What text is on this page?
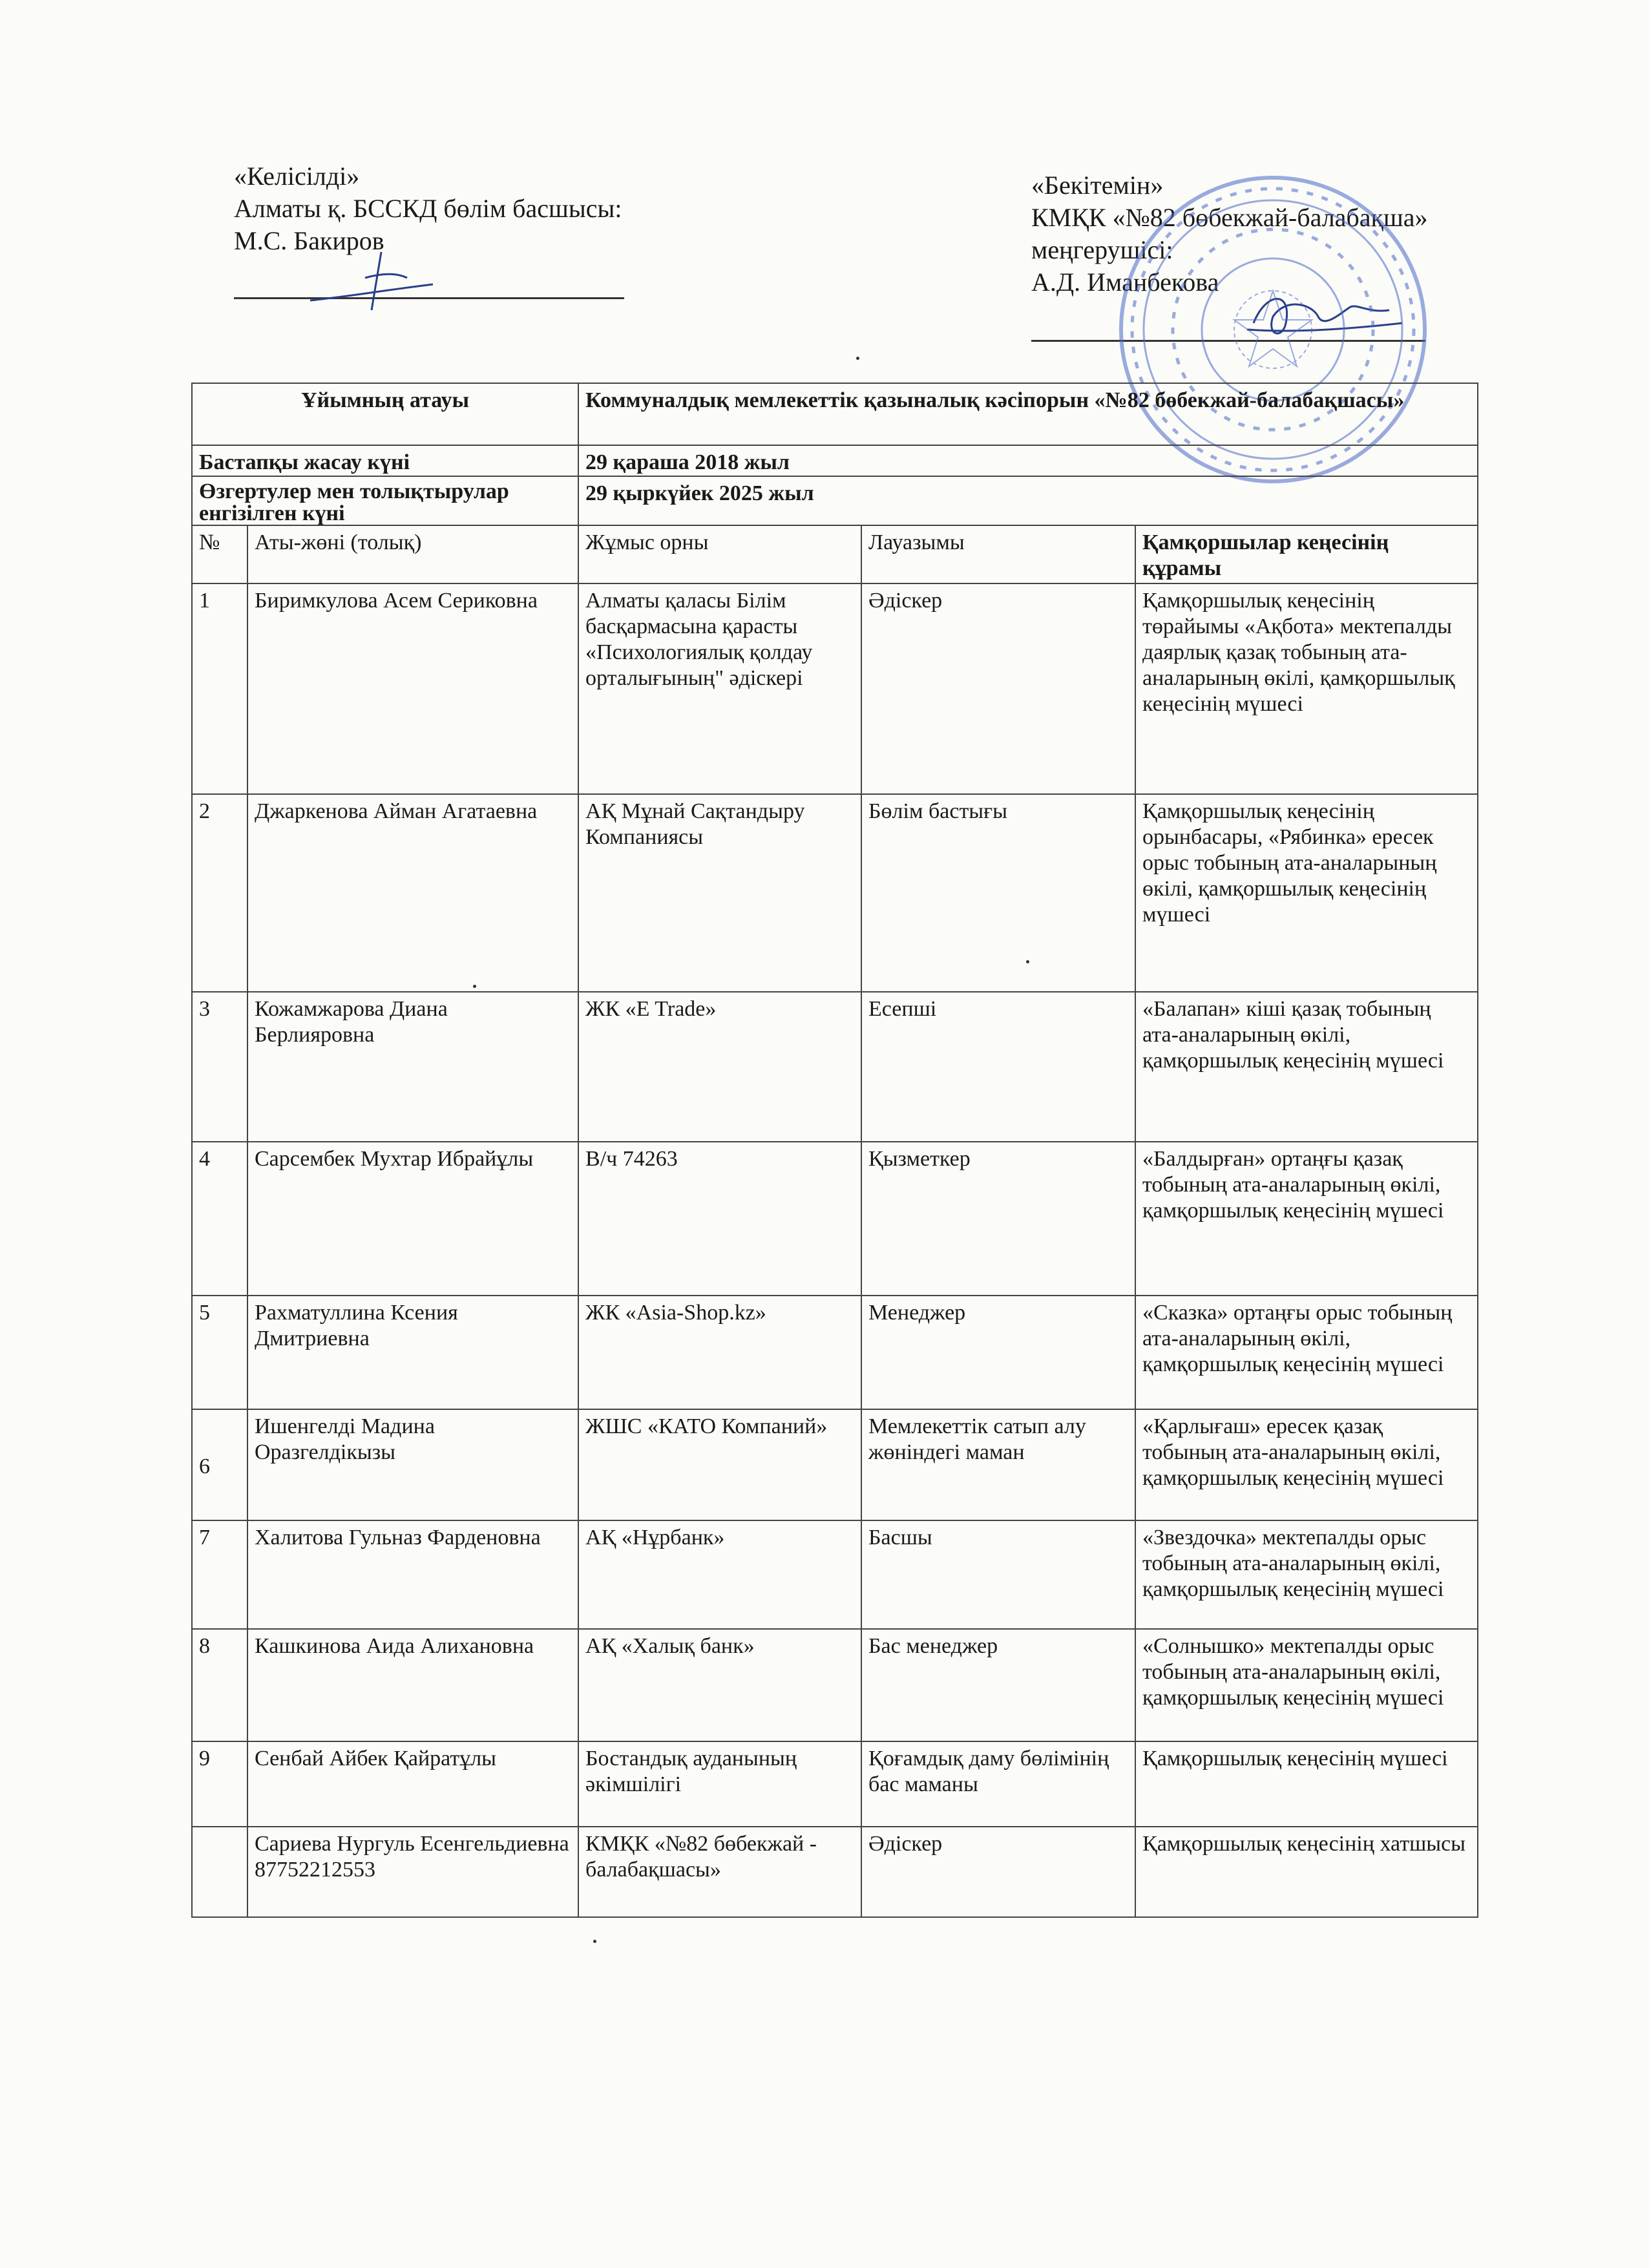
«Келісілді»
Алматы қ. БССКД бөлім басшысы:
М.С. Бакиров
«Бекітемін»
КМҚК «№82 бөбекжай-балабақша»
меңгерушісі:
А.Д. Иманбекова
Ұйымның атауы		Коммуналдық мемлекеттік қазыналық кәсіпорын «№82 бөбекжай-балабақшасы»		
Бастапқы жасау күні		29 қараша 2018 жыл		
Өзгертулер мен толықтырулар енгізілген күні		29 қыркүйек 2025 жыл		
№	Аты-жөні (толық)	Жұмыс орны	Лауазымы	Қамқоршылар кеңесінің құрамы
1	Биримкулова Асем Сериковна	Алматы қаласы Білім басқармасына қарасты «Психологиялық қолдау орталығының" әдіскері	Әдіскер	Қамқоршылық кеңесінің төрайымы «Ақбота» мектепалды даярлық қазақ тобының ата-аналарының өкілі, қамқоршылық кеңесінің мүшесі
2	Джаркенова Айман Агатаевна	АҚ Мұнай Сақтандыру Компаниясы	Бөлім бастығы	Қамқоршылық кеңесінің орынбасары, «Рябинка» ересек орыс тобының ата-аналарының өкілі, қамқоршылық кеңесінің мүшесі
3	Кожамжарова Диана Берлияровна	ЖК «E Trade»	Есепші	«Балапан» кіші қазақ тобының ата-аналарының өкілі, қамқоршылық кеңесінің мүшесі
4	Сарсембек Мухтар Ибрайұлы	В/ч 74263	Қызметкер	«Балдырған» ортаңғы қазақ тобының ата-аналарының өкілі, қамқоршылық кеңесінің мүшесі
5	Рахматуллина Ксения Дмитриевна	ЖК «Asia-Shop.kz»	Менеджер	«Сказка» ортаңғы орыс тобының ата-аналарының өкілі, қамқоршылық кеңесінің мүшесі
6	Ишенгелді Мадина Оразгелдікызы	ЖШС «КАТО Компаний»	Мемлекеттік сатып алу жөніндегі маман	«Қарлығаш» ересек қазақ тобының ата-аналарының өкілі, қамқоршылық кеңесінің мүшесі
7	Халитова Гульназ Фарденовна	АҚ «Нұрбанк»	Басшы	«Звездочка» мектепалды орыс тобының ата-аналарының өкілі, қамқоршылық кеңесінің мүшесі
8	Кашкинова Аида Алихановна	АҚ «Халық банк»	Бас менеджер	«Солнышко» мектепалды орыс тобының ата-аналарының өкілі, қамқоршылық кеңесінің мүшесі
9	Сенбай Айбек Қайратұлы	Бостандық ауданының әкімшілігі	Қоғамдық даму бөлімінің бас маманы	Қамқоршылық кеңесінің мүшесі
	Сариева Нургуль Есенгельдиевна 87752212553	КМҚК «№82 бөбекжай - балабақшасы»	Әдіскер	Қамқоршылық кеңесінің хатшысы
